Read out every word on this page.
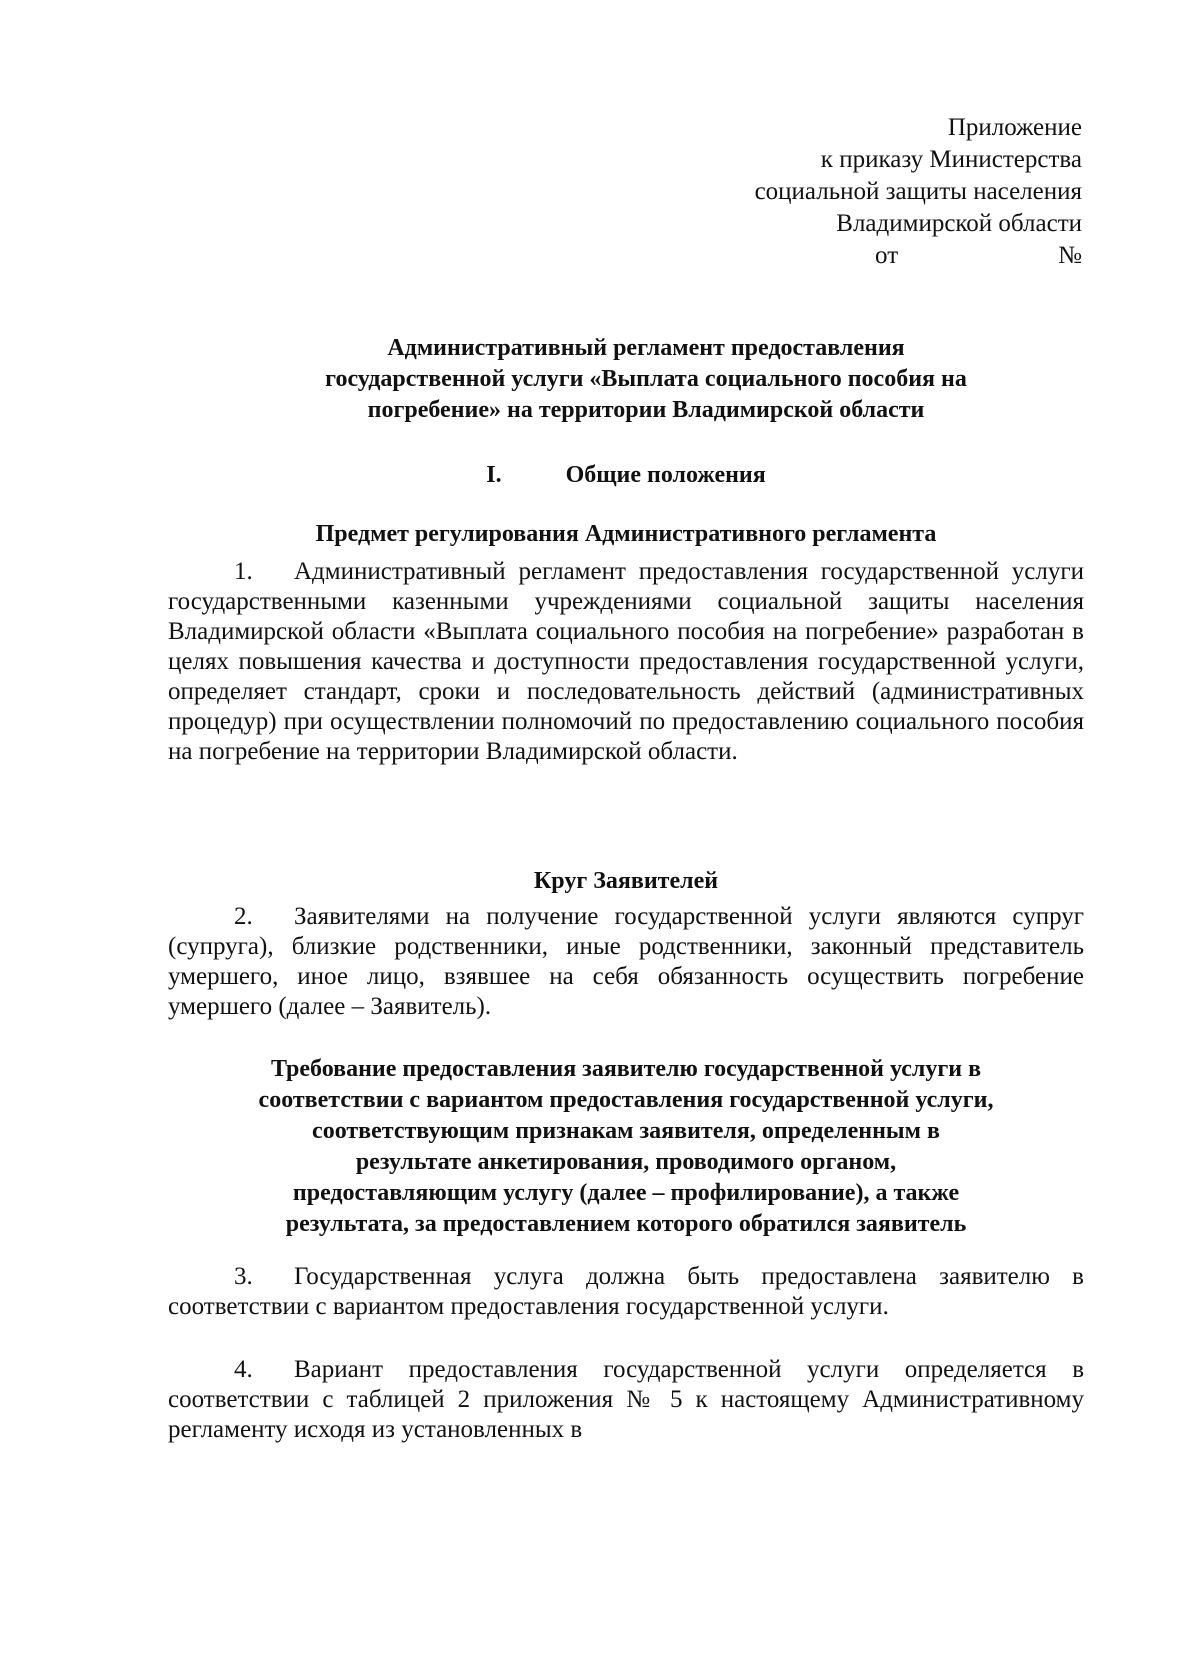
Приложение
к приказу Министерства
социальной защиты населения
Владимирской области
от	№
Административный регламент предоставления
государственной услуги «Выплата социального пособия на
погребение» на территории Владимирской области
I.	Общие положения
Предмет регулирования Административного регламента

1. Административный регламент предоставления государственной услуги государственными казенными учреждениями социальной защиты населения Владимирской области «Выплата социального пособия на погребение» разработан в целях повышения качества и доступности предоставления государственной услуги, определяет стандарт, сроки и последовательность действий (административных процедур) при осуществлении полномочий по предоставлению социального пособия на погребение на территории Владимирской области.

Круг Заявителей

2. Заявителями на получение государственной услуги являются супруг (супруга), близкие родственники, иные родственники, законный представитель умершего, иное лицо, взявшее на себя обязанность осуществить погребение умершего (далее – Заявитель).

Требование предоставления заявителю государственной услуги в
соответствии с вариантом предоставления государственной услуги,
соответствующим признакам заявителя, определенным в
результате анкетирования, проводимого органом,
предоставляющим услугу (далее – профилирование), а также
результата, за предоставлением которого обратился заявитель

3. Государственная услуга должна быть предоставлена заявителю в соответствии с вариантом предоставления государственной услуги.

4. Вариант предоставления государственной услуги определяется в соответствии с таблицей 2 приложения № 5 к настоящему Административному регламенту исходя из установленных в
